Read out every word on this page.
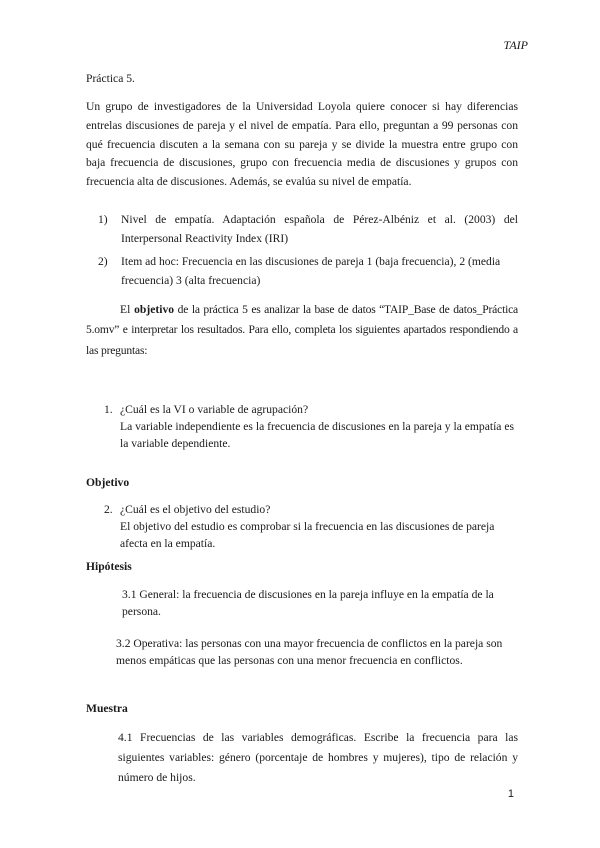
TAIP
Práctica 5.
Un grupo de investigadores de la Universidad Loyola quiere conocer si hay diferencias entrelas discusiones de pareja y el nivel de empatía. Para ello, preguntan a 99 personas con qué frecuencia discuten a la semana con su pareja y se divide la muestra entre grupo con baja frecuencia de discusiones, grupo con frecuencia media de discusiones y grupos con frecuencia alta de discusiones. Además, se evalúa su nivel de empatía.
1) Nivel de empatía. Adaptación española de Pérez-Albéniz et al. (2003) del Interpersonal Reactivity Index (IRI)
2) Item ad hoc: Frecuencia en las discusiones de pareja 1 (baja frecuencia), 2 (media frecuencia) 3 (alta frecuencia)
El objetivo de la práctica 5 es analizar la base de datos “TAIP_Base de datos_Práctica 5.omv” e interpretar los resultados. Para ello, completa los siguientes apartados respondiendo a las preguntas:
1. ¿Cuál es la VI o variable de agrupación?
La variable independiente es la frecuencia de discusiones en la pareja y la empatía es la variable dependiente.
Objetivo
2. ¿Cuál es el objetivo del estudio?
El objetivo del estudio es comprobar si la frecuencia en las discusiones de pareja afecta en la empatía.
Hipótesis
3.1 General: la frecuencia de discusiones en la pareja influye en la empatía de la persona.
3.2 Operativa: las personas con una mayor frecuencia de conflictos en la pareja son menos empáticas que las personas con una menor frecuencia en conflictos.
Muestra
4.1 Frecuencias de las variables demográficas. Escribe la frecuencia para las siguientes variables: género (porcentaje de hombres y mujeres), tipo de relación y número de hijos.
1
